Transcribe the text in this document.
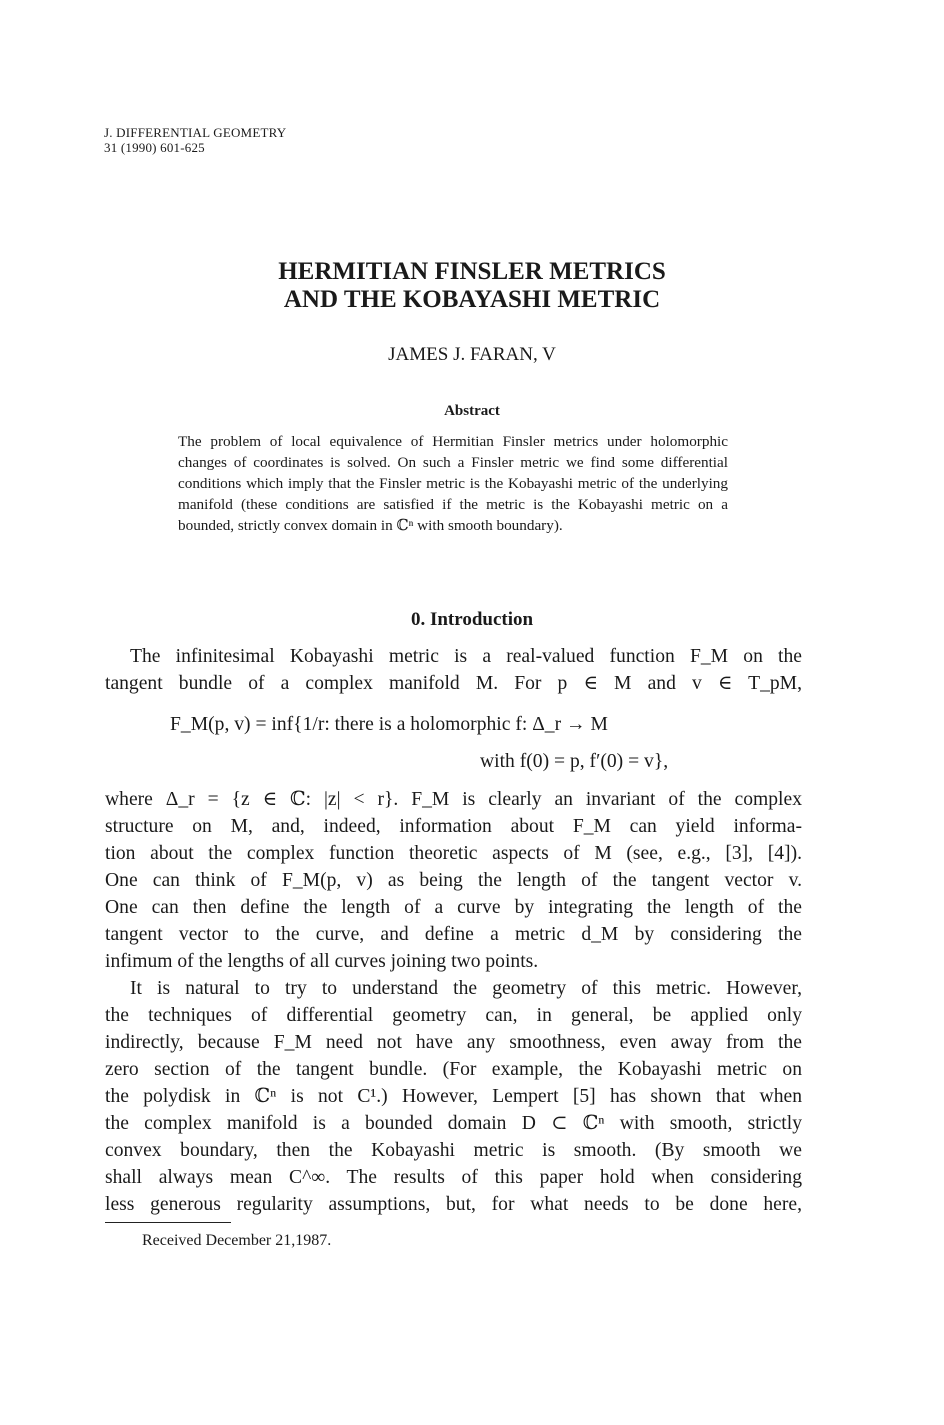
J. DIFFERENTIAL GEOMETRY
31 (1990) 601-625
HERMITIAN FINSLER METRICS
AND THE KOBAYASHI METRIC
JAMES J. FARAN, V
Abstract
The problem of local equivalence of Hermitian Finsler metrics under holomorphic changes of coordinates is solved. On such a Finsler metric we find some differential conditions which imply that the Finsler metric is the Kobayashi metric of the underlying manifold (these conditions are satisfied if the metric is the Kobayashi metric on a bounded, strictly convex domain in ℂⁿ with smooth boundary).
0. Introduction
The infinitesimal Kobayashi metric is a real-valued function F_M on the
tangent bundle of a complex manifold M. For p ∈ M and v ∈ T_pM,
F_M(p, v) = inf{1/r: there is a holomorphic f: Δ_r → M
with f(0) = p, f′(0) = v},
where Δ_r = {z ∈ ℂ: |z| < r}. F_M is clearly an invariant of the complex
structure on M, and, indeed, information about F_M can yield informa-
tion about the complex function theoretic aspects of M (see, e.g., [3], [4]).
One can think of F_M(p, v) as being the length of the tangent vector v.
One can then define the length of a curve by integrating the length of the
tangent vector to the curve, and define a metric d_M by considering the
infimum of the lengths of all curves joining two points.
It is natural to try to understand the geometry of this metric. However,
the techniques of differential geometry can, in general, be applied only
indirectly, because F_M need not have any smoothness, even away from the
zero section of the tangent bundle. (For example, the Kobayashi metric on
the polydisk in ℂⁿ is not C¹.) However, Lempert [5] has shown that when
the complex manifold is a bounded domain D ⊂ ℂⁿ with smooth, strictly
convex boundary, then the Kobayashi metric is smooth. (By smooth we
shall always mean C^∞. The results of this paper hold when considering
less generous regularity assumptions, but, for what needs to be done here,
Received December 21,1987.
